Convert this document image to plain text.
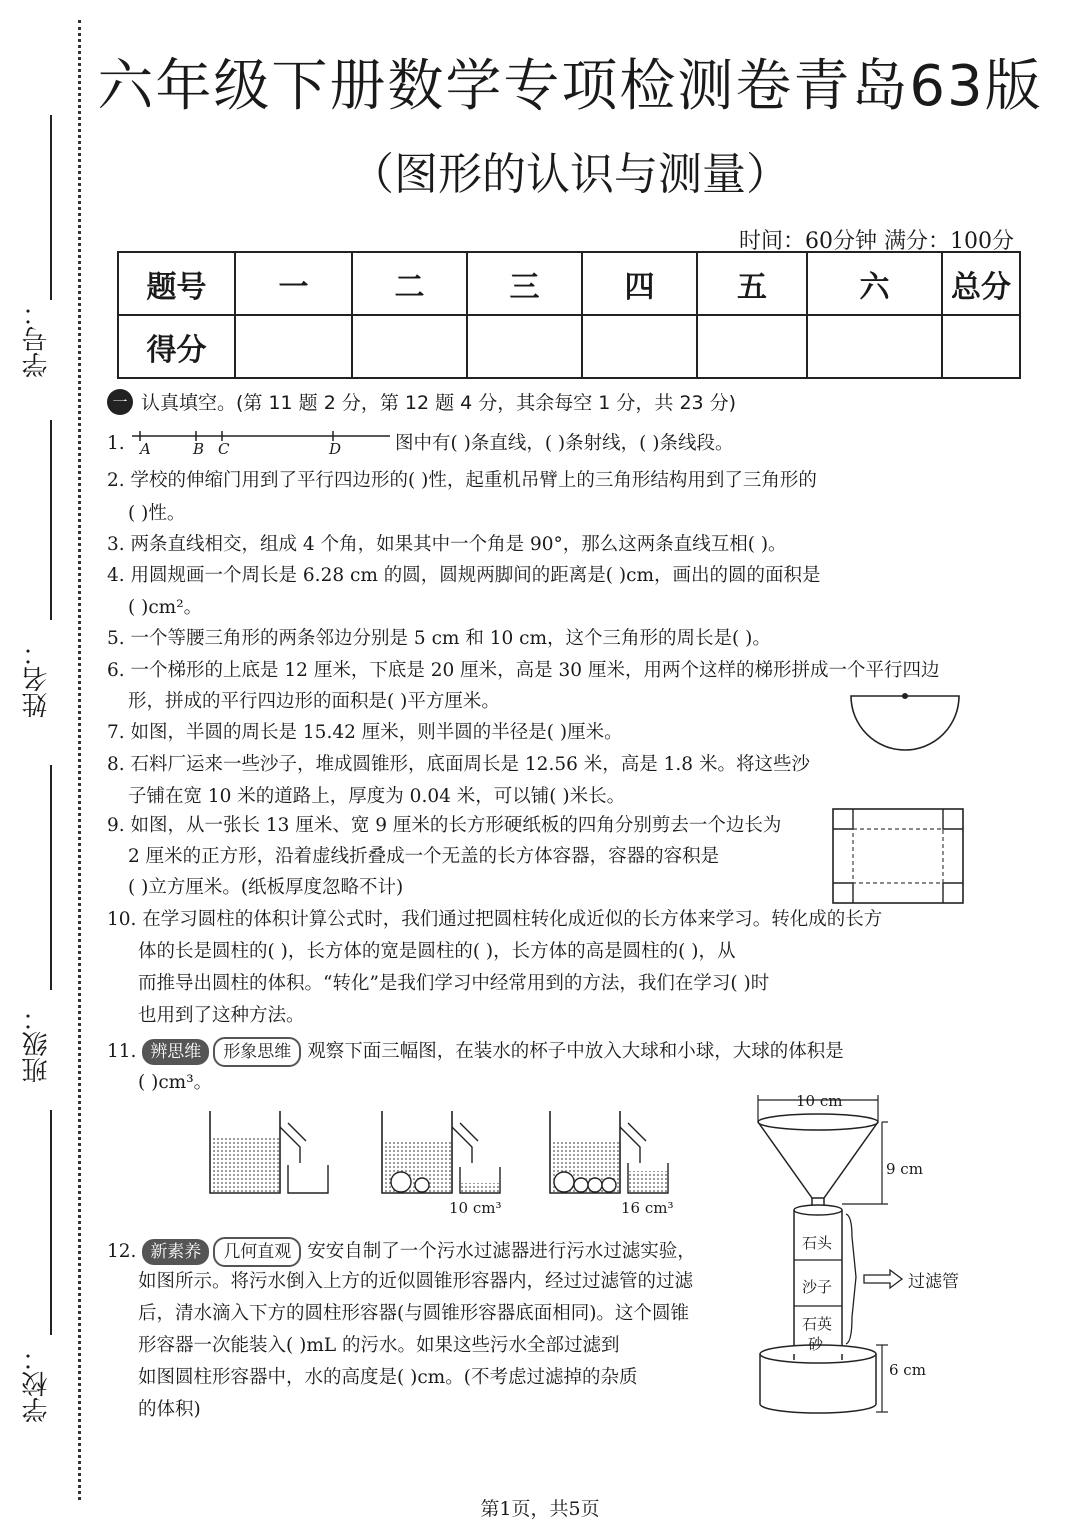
学号：
姓名：
班级：
学校：
六年级下册数学专项检测卷青岛63版
（图形的认识与测量）
时间：60分钟 满分：100分
题号	一	二	三	四	五	六	总分
得分							
一 认真填空。(第 11 题 2 分，第 12 题 4 分，其余每空 1 分，共 23 分)
1. A	B C	D	图中有( )条直线，( )条射线，( )条线段。
2. 学校的伸缩门用到了平行四边形的( )性，起重机吊臂上的三角形结构用到了三角形的
( )性。
3. 两条直线相交，组成 4 个角，如果其中一个角是 90°，那么这两条直线互相( )。
4. 用圆规画一个周长是 6.28 cm 的圆，圆规两脚间的距离是( )cm，画出的圆的面积是
( )cm²。
5. 一个等腰三角形的两条邻边分别是 5 cm 和 10 cm，这个三角形的周长是( )。
6. 一个梯形的上底是 12 厘米，下底是 20 厘米，高是 30 厘米，用两个这样的梯形拼成一个平行四边
形，拼成的平行四边形的面积是( )平方厘米。
7. 如图，半圆的周长是 15.42 厘米，则半圆的半径是( )厘米。
8. 石料厂运来一些沙子，堆成圆锥形，底面周长是 12.56 米，高是 1.8 米。将这些沙
子铺在宽 10 米的道路上，厚度为 0.04 米，可以铺( )米长。
9. 如图，从一张长 13 厘米、宽 9 厘米的长方形硬纸板的四角分别剪去一个边长为
2 厘米的正方形，沿着虚线折叠成一个无盖的长方体容器，容器的容积是
( )立方厘米。(纸板厚度忽略不计)
10. 在学习圆柱的体积计算公式时，我们通过把圆柱转化成近似的长方体来学习。转化成的长方
体的长是圆柱的( )，长方体的宽是圆柱的( )，长方体的高是圆柱的( )，从
而推导出圆柱的体积。“转化”是我们学习中经常用到的方法，我们在学习( )时
也用到了这种方法。
11. 辨思维 形象思维 观察下面三幅图，在装水的杯子中放入大球和小球，大球的体积是
( )cm³。
10 cm³	16 cm³
12. 新素养 几何直观 安安自制了一个污水过滤器进行污水过滤实验，
如图所示。将污水倒入上方的近似圆锥形容器内，经过过滤管的过滤
后，清水滴入下方的圆柱形容器(与圆锥形容器底面相同)。这个圆锥
形容器一次能装入( )mL 的污水。如果这些污水全部过滤到
如图圆柱形容器中，水的高度是( )cm。(不考虑过滤掉的杂质
的体积)
10 cm
9 cm
6 cm
石头
沙子
石英
砂
过滤管
第1页，共5页
